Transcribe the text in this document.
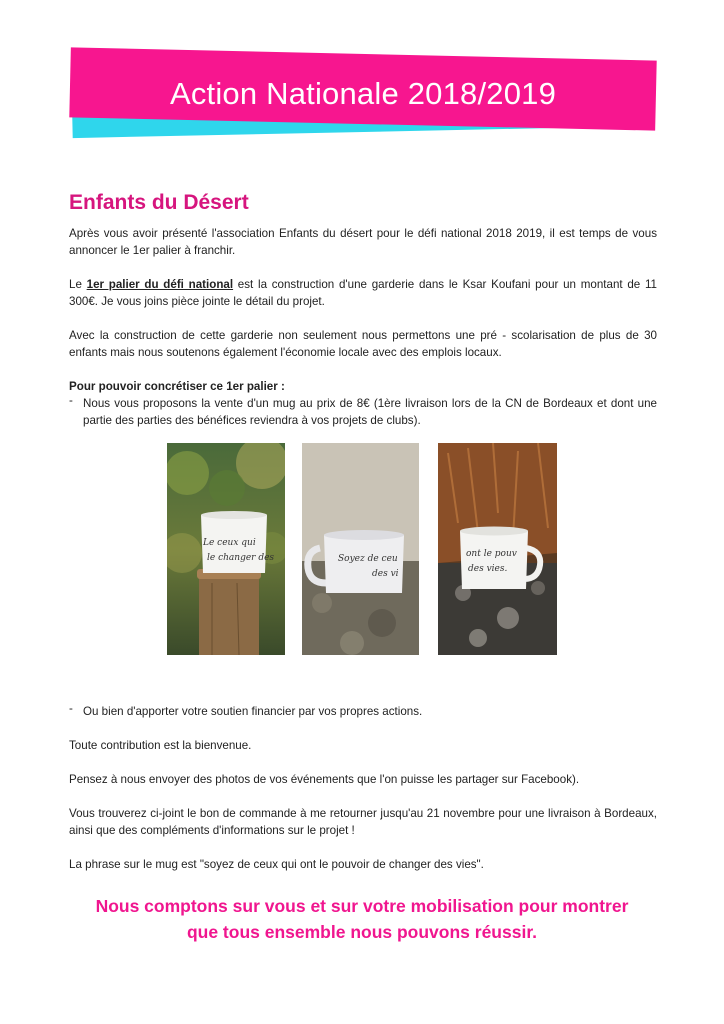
Action Nationale 2018/2019
Enfants du Désert

Après vous avoir présenté l'association Enfants du désert pour le défi national 2018 2019, il est temps de vous annoncer le 1er palier à franchir.

Le 1er palier du défi national est la construction d'une garderie dans le Ksar Koufani pour un montant de 11 300€. Je vous joins pièce jointe le détail du projet.

Avec la construction de cette garderie non seulement nous permettons une pré - scolarisation de plus de 30 enfants mais nous soutenons également l'économie locale avec des emplois locaux.

Pour pouvoir concrétiser ce 1er palier :

- Nous vous proposons la vente d'un mug au prix de 8€ (1ère livraison lors de la CN de Bordeaux et dont une partie des parties des bénéfices reviendra à vos projets de clubs).

Le ceux qui
le changer des	Soyez de ceu
des vi
ont le pouv
des vies.

- Ou bien d'apporter votre soutien financier par vos propres actions.

Toute contribution est la bienvenue.

Pensez à nous envoyer des photos de vos événements que l'on puisse les partager sur Facebook).

Vous trouverez ci-joint le bon de commande à me retourner jusqu'au 21 novembre pour une livraison à Bordeaux, ainsi que des compléments d'informations sur le projet !

La phrase sur le mug est "soyez de ceux qui ont le pouvoir de changer des vies".

Nous comptons sur vous et sur votre mobilisation pour montrer
que tous ensemble nous pouvons réussir.
